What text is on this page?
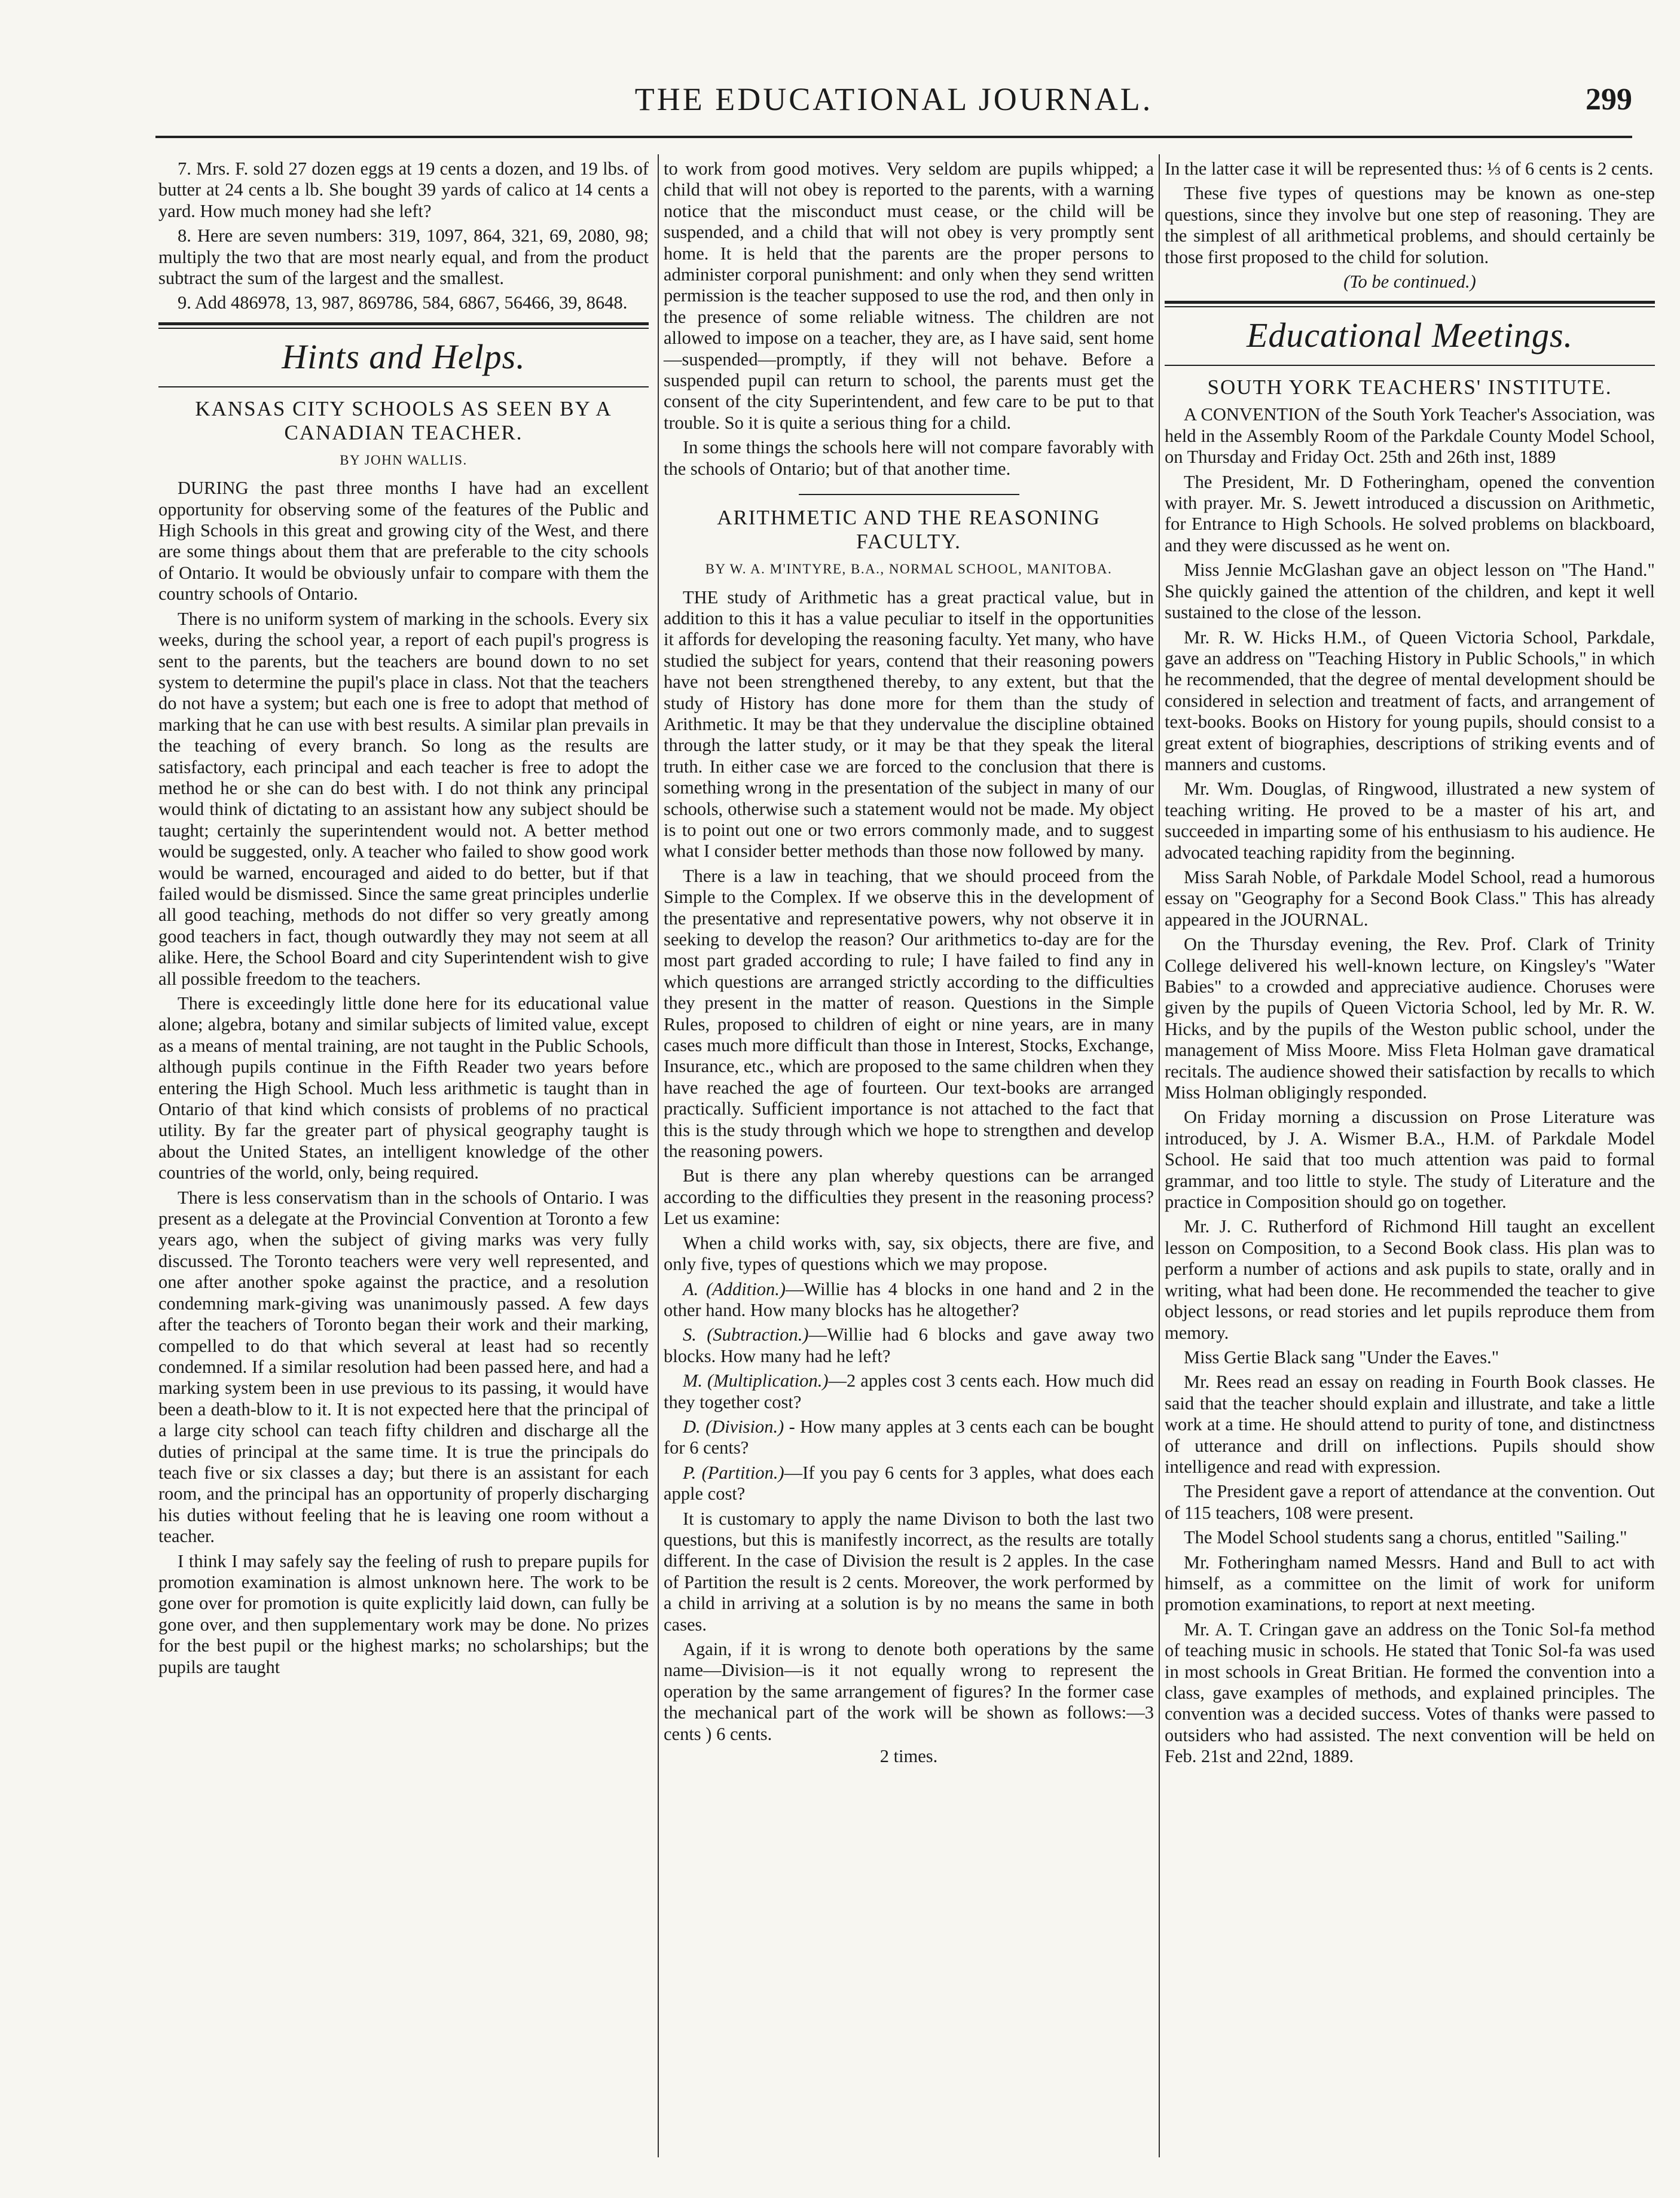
THE EDUCATIONAL JOURNAL.	299

7. Mrs. F. sold 27 dozen eggs at 19 cents a dozen, and 19 lbs. of butter at 24 cents a lb. She bought 39 yards of calico at 14 cents a yard. How much money had she left?

8. Here are seven numbers: 319, 1097, 864, 321, 69, 2080, 98; multiply the two that are most nearly equal, and from the product subtract the sum of the largest and the smallest.

9. Add 486978, 13, 987, 869786, 584, 6867, 56466, 39, 8648.

Hints and Helps.
KANSAS CITY SCHOOLS AS SEEN BY A CANADIAN TEACHER.
BY JOHN WALLIS.

DURING the past three months I have had an excellent opportunity for observing some of the features of the Public and High Schools in this great and growing city of the West, and there are some things about them that are preferable to the city schools of Ontario. It would be obviously unfair to compare with them the country schools of Ontario.

There is no uniform system of marking in the schools. Every six weeks, during the school year, a report of each pupil's progress is sent to the parents, but the teachers are bound down to no set system to determine the pupil's place in class. Not that the teachers do not have a system; but each one is free to adopt that method of marking that he can use with best results. A similar plan prevails in the teaching of every branch. So long as the results are satisfactory, each principal and each teacher is free to adopt the method he or she can do best with. I do not think any principal would think of dictating to an assistant how any subject should be taught; certainly the superintendent would not. A better method would be suggested, only. A teacher who failed to show good work would be warned, encouraged and aided to do better, but if that failed would be dismissed. Since the same great principles underlie all good teaching, methods do not differ so very greatly among good teachers in fact, though outwardly they may not seem at all alike. Here, the School Board and city Superintendent wish to give all possible freedom to the teachers.

There is exceedingly little done here for its educational value alone; algebra, botany and similar subjects of limited value, except as a means of mental training, are not taught in the Public Schools, although pupils continue in the Fifth Reader two years before entering the High School. Much less arithmetic is taught than in Ontario of that kind which consists of problems of no practical utility. By far the greater part of physical geography taught is about the United States, an intelligent knowledge of the other countries of the world, only, being required.

There is less conservatism than in the schools of Ontario. I was present as a delegate at the Provincial Convention at Toronto a few years ago, when the subject of giving marks was very fully discussed. The Toronto teachers were very well represented, and one after another spoke against the practice, and a resolution condemning mark-giving was unanimously passed. A few days after the teachers of Toronto began their work and their marking, compelled to do that which several at least had so recently condemned. If a similar resolution had been passed here, and had a marking system been in use previous to its passing, it would have been a death-blow to it. It is not expected here that the principal of a large city school can teach fifty children and discharge all the duties of principal at the same time. It is true the principals do teach five or six classes a day; but there is an assistant for each room, and the principal has an opportunity of properly discharging his duties without feeling that he is leaving one room without a teacher.

I think I may safely say the feeling of rush to prepare pupils for promotion examination is almost unknown here. The work to be gone over for promotion is quite explicitly laid down, can fully be gone over, and then supplementary work may be done. No prizes for the best pupil or the highest marks; no scholarships; but the pupils are taught

to work from good motives. Very seldom are pupils whipped; a child that will not obey is reported to the parents, with a warning notice that the misconduct must cease, or the child will be suspended, and a child that will not obey is very promptly sent home. It is held that the parents are the proper persons to administer corporal punishment: and only when they send written permission is the teacher supposed to use the rod, and then only in the presence of some reliable witness. The children are not allowed to impose on a teacher, they are, as I have said, sent home—suspended—promptly, if they will not behave. Before a suspended pupil can return to school, the parents must get the consent of the city Superintendent, and few care to be put to that trouble. So it is quite a serious thing for a child.

In some things the schools here will not compare favorably with the schools of Ontario; but of that another time.

ARITHMETIC AND THE REASONING FACULTY.
BY W. A. M'INTYRE, B.A., NORMAL SCHOOL, MANITOBA.

THE study of Arithmetic has a great practical value, but in addition to this it has a value peculiar to itself in the opportunities it affords for developing the reasoning faculty. Yet many, who have studied the subject for years, contend that their reasoning powers have not been strengthened thereby, to any extent, but that the study of History has done more for them than the study of Arithmetic. It may be that they undervalue the discipline obtained through the latter study, or it may be that they speak the literal truth. In either case we are forced to the conclusion that there is something wrong in the presentation of the subject in many of our schools, otherwise such a statement would not be made. My object is to point out one or two errors commonly made, and to suggest what I consider better methods than those now followed by many.

There is a law in teaching, that we should proceed from the Simple to the Complex. If we observe this in the development of the presentative and representative powers, why not observe it in seeking to develop the reason? Our arithmetics to-day are for the most part graded according to rule; I have failed to find any in which questions are arranged strictly according to the difficulties they present in the matter of reason. Questions in the Simple Rules, proposed to children of eight or nine years, are in many cases much more difficult than those in Interest, Stocks, Exchange, Insurance, etc., which are proposed to the same children when they have reached the age of fourteen. Our text-books are arranged practically. Sufficient importance is not attached to the fact that this is the study through which we hope to strengthen and develop the reasoning powers.

But is there any plan whereby questions can be arranged according to the difficulties they present in the reasoning process? Let us examine:

When a child works with, say, six objects, there are five, and only five, types of questions which we may propose.

A. (Addition.)—Willie has 4 blocks in one hand and 2 in the other hand. How many blocks has he altogether?

S. (Subtraction.)—Willie had 6 blocks and gave away two blocks. How many had he left?

M. (Multiplication.)—2 apples cost 3 cents each. How much did they together cost?

D. (Division.) - How many apples at 3 cents each can be bought for 6 cents?

P. (Partition.)—If you pay 6 cents for 3 apples, what does each apple cost?

It is customary to apply the name Divison to both the last two questions, but this is manifestly incorrect, as the results are totally different. In the case of Division the result is 2 apples. In the case of Partition the result is 2 cents. Moreover, the work performed by a child in arriving at a solution is by no means the same in both cases.

Again, if it is wrong to denote both operations by the same name—Division—is it not equally wrong to represent the operation by the same arrangement of figures? In the former case the mechanical part of the work will be shown as follows:—3 cents ) 6 cents.

2 times.

In the latter case it will be represented thus: ⅓ of 6 cents is 2 cents.

These five types of questions may be known as one-step questions, since they involve but one step of reasoning. They are the simplest of all arithmetical problems, and should certainly be those first proposed to the child for solution.

(To be continued.)

Educational Meetings.
SOUTH YORK TEACHERS' INSTITUTE.

A CONVENTION of the South York Teacher's Association, was held in the Assembly Room of the Parkdale County Model School, on Thursday and Friday Oct. 25th and 26th inst, 1889

The President, Mr. D Fotheringham, opened the convention with prayer. Mr. S. Jewett introduced a discussion on Arithmetic, for Entrance to High Schools. He solved problems on blackboard, and they were discussed as he went on.

Miss Jennie McGlashan gave an object lesson on "The Hand." She quickly gained the attention of the children, and kept it well sustained to the close of the lesson.

Mr. R. W. Hicks H.M., of Queen Victoria School, Parkdale, gave an address on "Teaching History in Public Schools," in which he recommended, that the degree of mental development should be considered in selection and treatment of facts, and arrangement of text-books. Books on History for young pupils, should consist to a great extent of biographies, descriptions of striking events and of manners and customs.

Mr. Wm. Douglas, of Ringwood, illustrated a new system of teaching writing. He proved to be a master of his art, and succeeded in imparting some of his enthusiasm to his audience. He advocated teaching rapidity from the beginning.

Miss Sarah Noble, of Parkdale Model School, read a humorous essay on "Geography for a Second Book Class." This has already appeared in the JOURNAL.

On the Thursday evening, the Rev. Prof. Clark of Trinity College delivered his well-known lecture, on Kingsley's "Water Babies" to a crowded and appreciative audience. Choruses were given by the pupils of Queen Victoria School, led by Mr. R. W. Hicks, and by the pupils of the Weston public school, under the management of Miss Moore. Miss Fleta Holman gave dramatical recitals. The audience showed their satisfaction by recalls to which Miss Holman obligingly responded.

On Friday morning a discussion on Prose Literature was introduced, by J. A. Wismer B.A., H.M. of Parkdale Model School. He said that too much attention was paid to formal grammar, and too little to style. The study of Literature and the practice in Composition should go on together.

Mr. J. C. Rutherford of Richmond Hill taught an excellent lesson on Composition, to a Second Book class. His plan was to perform a number of actions and ask pupils to state, orally and in writing, what had been done. He recommended the teacher to give object lessons, or read stories and let pupils reproduce them from memory.

Miss Gertie Black sang "Under the Eaves."

Mr. Rees read an essay on reading in Fourth Book classes. He said that the teacher should explain and illustrate, and take a little work at a time. He should attend to purity of tone, and distinctness of utterance and drill on inflections. Pupils should show intelligence and read with expression.

The President gave a report of attendance at the convention. Out of 115 teachers, 108 were present.

The Model School students sang a chorus, entitled "Sailing."

Mr. Fotheringham named Messrs. Hand and Bull to act with himself, as a committee on the limit of work for uniform promotion examinations, to report at next meeting.

Mr. A. T. Cringan gave an address on the Tonic Sol-fa method of teaching music in schools. He stated that Tonic Sol-fa was used in most schools in Great Britian. He formed the convention into a class, gave examples of methods, and explained principles. The convention was a decided success. Votes of thanks were passed to outsiders who had assisted. The next convention will be held on Feb. 21st and 22nd, 1889.
